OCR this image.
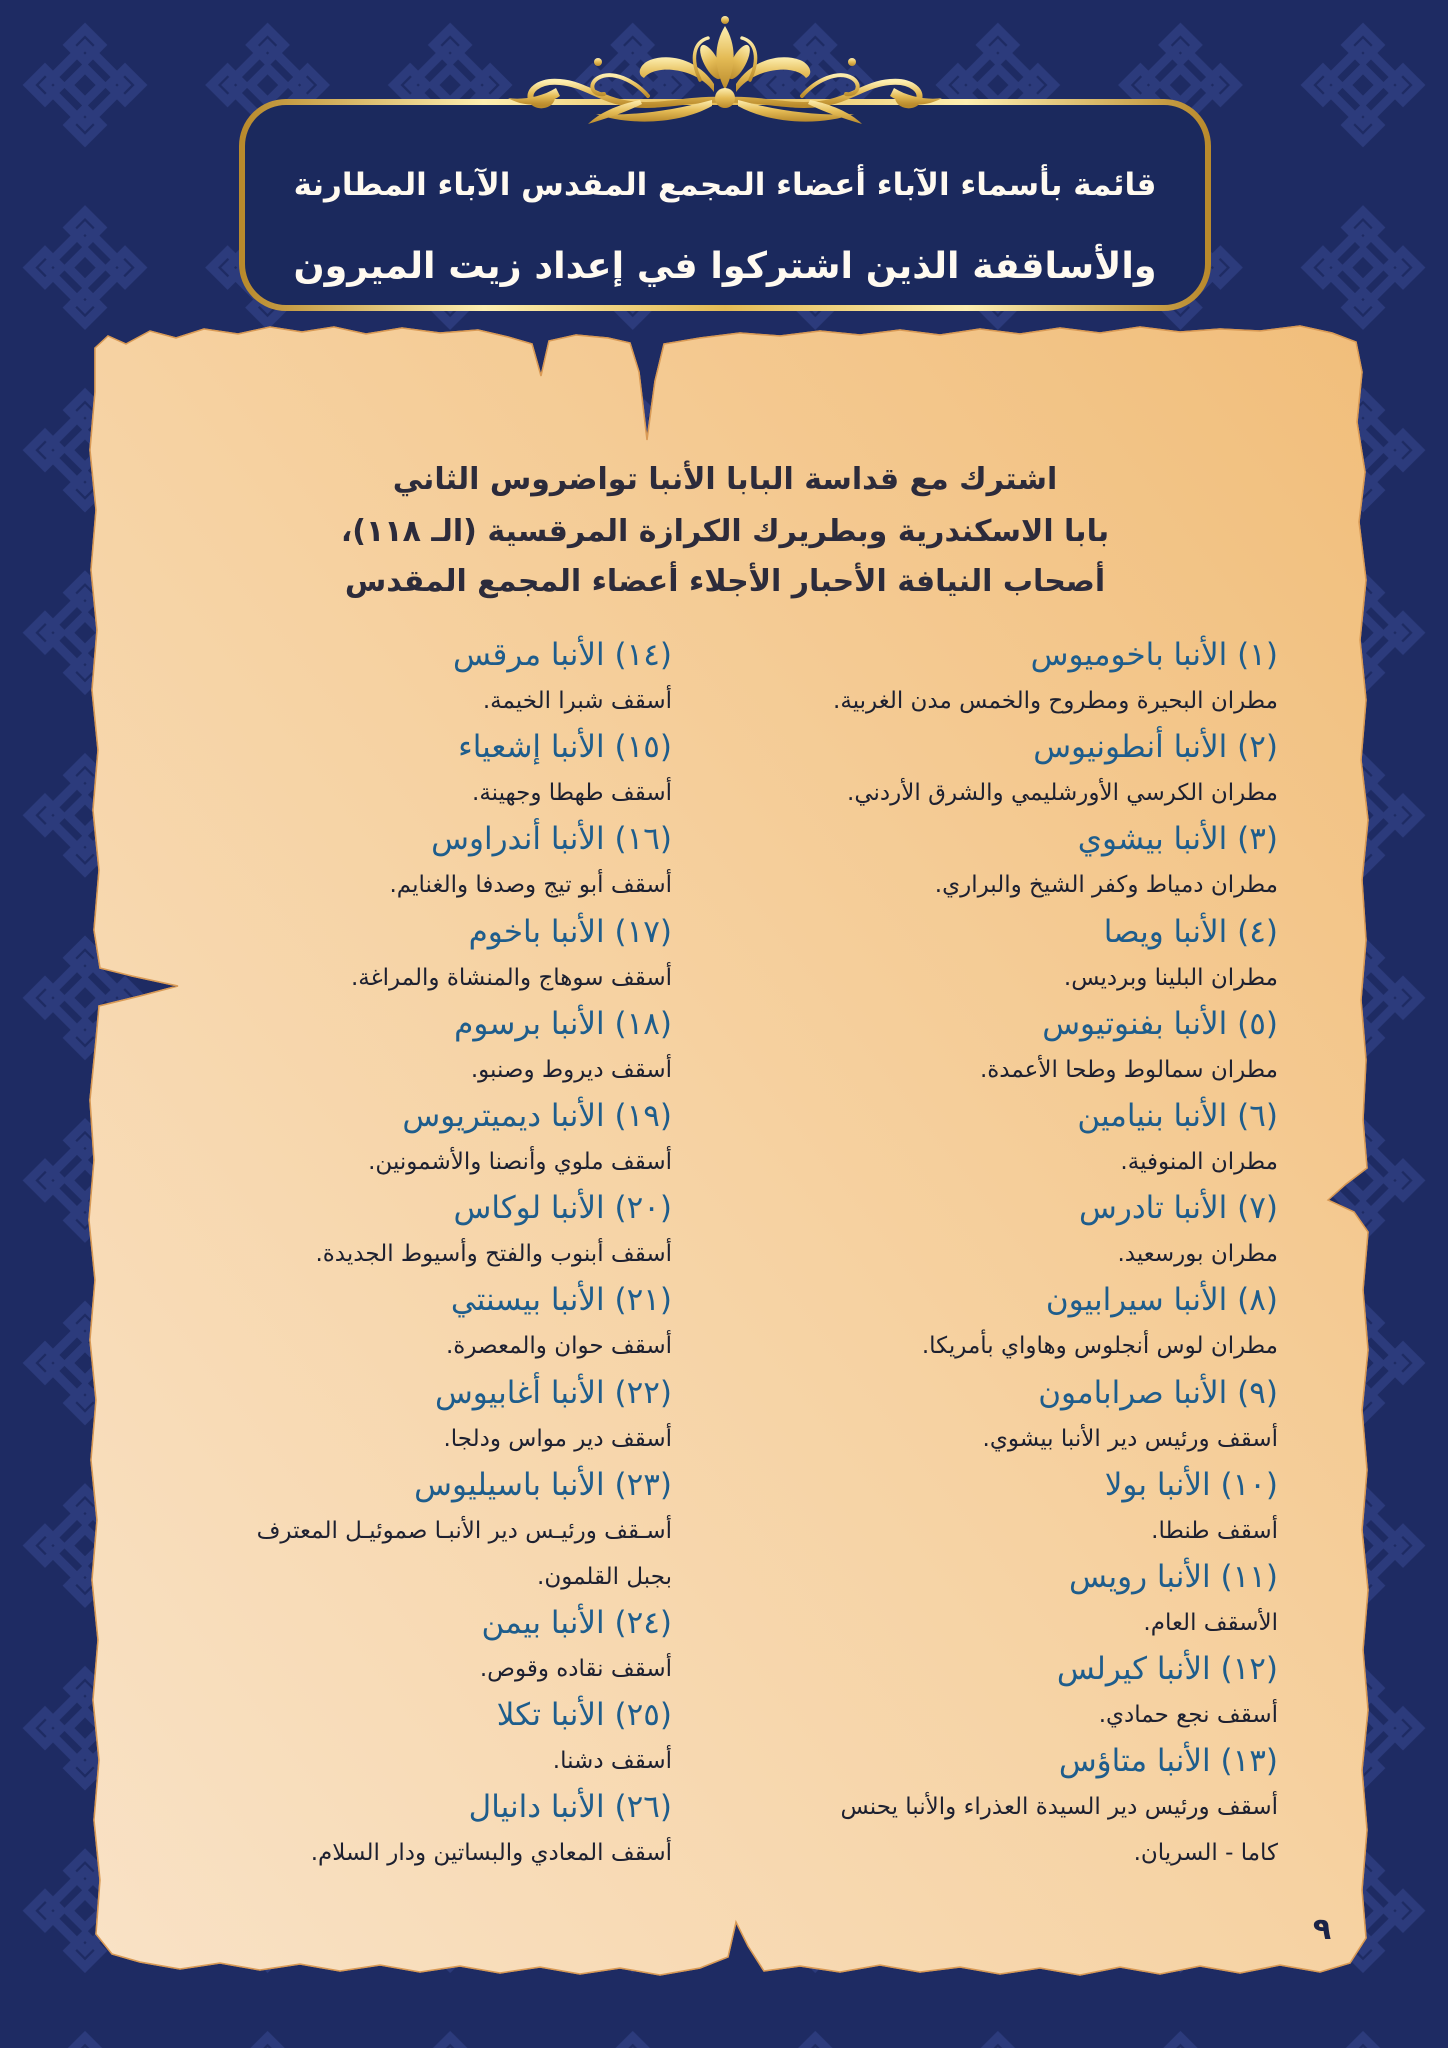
قائمة بأسماء الآباء أعضاء المجمع المقدس الآباء المطارنة
والأساقفة الذين اشتركوا في إعداد زيت الميرون
اشترك مع قداسة البابا الأنبا تواضروس الثاني
بابا الاسكندرية وبطريرك الكرازة المرقسية (الـ ١١٨)،
أصحاب النيافة الأحبار الأجلاء أعضاء المجمع المقدس
(١) الأنبا باخوميوس
مطران البحيرة ومطروح والخمس مدن الغربية.
(٢) الأنبا أنطونيوس
مطران الكرسي الأورشليمي والشرق الأردني.
(٣) الأنبا بيشوي
مطران دمياط وكفر الشيخ والبراري.
(٤) الأنبا ويصا
مطران البلينا وبرديس.
(٥) الأنبا بفنوتيوس
مطران سمالوط وطحا الأعمدة.
(٦) الأنبا بنيامين
مطران المنوفية.
(٧) الأنبا تادرس
مطران بورسعيد.
(٨) الأنبا سيرابيون
مطران لوس أنجلوس وهاواي بأمريكا.
(٩) الأنبا صرابامون
أسقف ورئيس دير الأنبا بيشوي.
(١٠) الأنبا بولا
أسقف طنطا.
(١١) الأنبا رويس
الأسقف العام.
(١٢) الأنبا كيرلس
أسقف نجع حمادي.
(١٣) الأنبا متاؤس
أسقف ورئيس دير السيدة العذراء والأنبا يحنس
كاما - السريان.
(١٤) الأنبا مرقس
أسقف شبرا الخيمة.
(١٥) الأنبا إشعياء
أسقف طهطا وجهينة.
(١٦) الأنبا أندراوس
أسقف أبو تيج وصدفا والغنايم.
(١٧) الأنبا باخوم
أسقف سوهاج والمنشاة والمراغة.
(١٨) الأنبا برسوم
أسقف ديروط وصنبو.
(١٩) الأنبا ديميتريوس
أسقف ملوي وأنصنا والأشمونين.
(٢٠) الأنبا لوكاس
أسقف أبنوب والفتح وأسيوط الجديدة.
(٢١) الأنبا بيسنتي
أسقف حوان والمعصرة.
(٢٢) الأنبا أغابيوس
أسقف دير مواس ودلجا.
(٢٣) الأنبا باسيليوس
أسـقف ورئيـس دير الأنبـا صموئيـل المعترف
بجبل القلمون.
(٢٤) الأنبا بيمن
أسقف نقاده وقوص.
(٢٥) الأنبا تكلا
أسقف دشنا.
(٢٦) الأنبا دانيال
أسقف المعادي والبساتين ودار السلام.
٩
